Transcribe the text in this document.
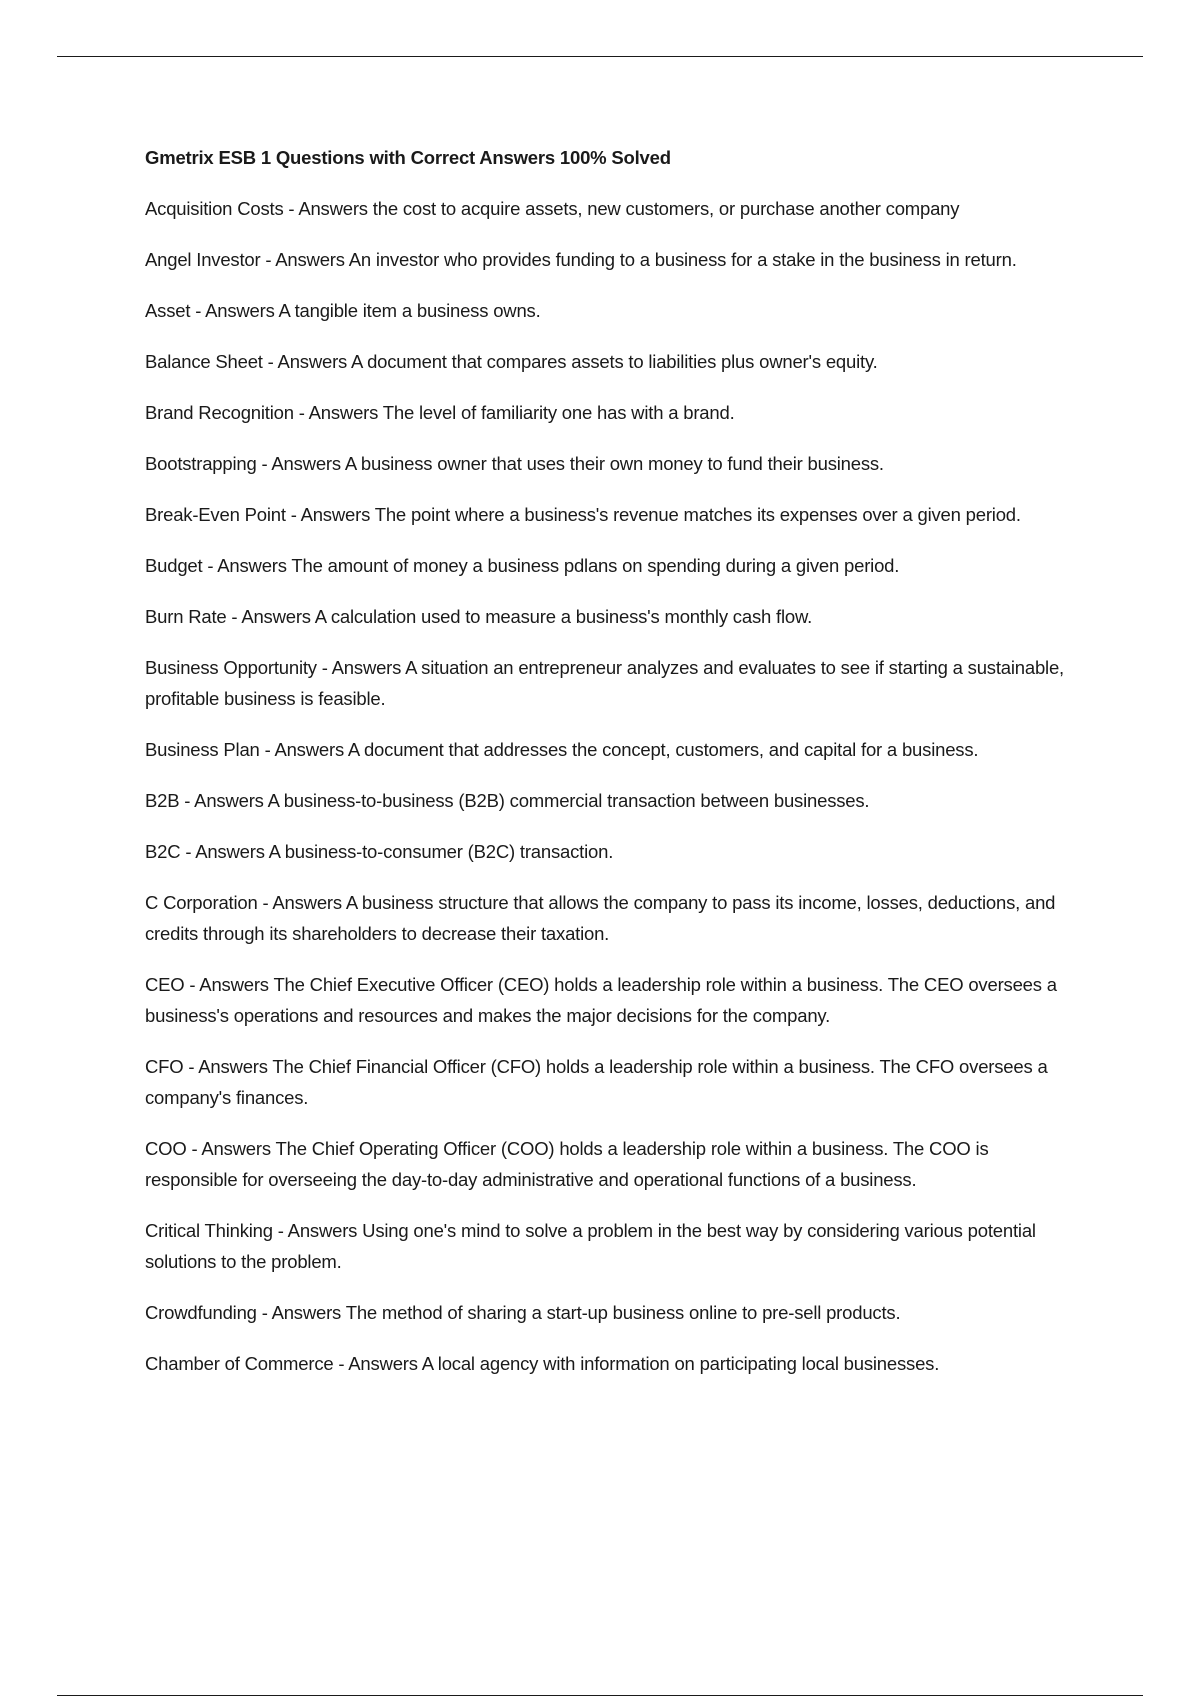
Gmetrix ESB 1 Questions with Correct Answers 100% Solved

Acquisition Costs - Answers the cost to acquire assets, new customers, or purchase another company

Angel Investor - Answers An investor who provides funding to a business for a stake in the business in return.

Asset - Answers A tangible item a business owns.

Balance Sheet - Answers A document that compares assets to liabilities plus owner's equity.

Brand Recognition - Answers The level of familiarity one has with a brand.

Bootstrapping - Answers A business owner that uses their own money to fund their business.

Break-Even Point - Answers The point where a business's revenue matches its expenses over a given period.

Budget - Answers The amount of money a business pdlans on spending during a given period.

Burn Rate - Answers A calculation used to measure a business's monthly cash flow.

Business Opportunity - Answers A situation an entrepreneur analyzes and evaluates to see if starting a sustainable, profitable business is feasible.

Business Plan - Answers A document that addresses the concept, customers, and capital for a business.

B2B - Answers A business-to-business (B2B) commercial transaction between businesses.

B2C - Answers A business-to-consumer (B2C) transaction.

C Corporation - Answers A business structure that allows the company to pass its income, losses, deductions, and credits through its shareholders to decrease their taxation.

CEO - Answers The Chief Executive Officer (CEO) holds a leadership role within a business. The CEO oversees a business's operations and resources and makes the major decisions for the company.

CFO - Answers The Chief Financial Officer (CFO) holds a leadership role within a business. The CFO oversees a company's finances.

COO - Answers The Chief Operating Officer (COO) holds a leadership role within a business. The COO is responsible for overseeing the day-to-day administrative and operational functions of a business.

Critical Thinking - Answers Using one's mind to solve a problem in the best way by considering various potential solutions to the problem.

Crowdfunding - Answers The method of sharing a start-up business online to pre-sell products.

Chamber of Commerce - Answers A local agency with information on participating local businesses.
